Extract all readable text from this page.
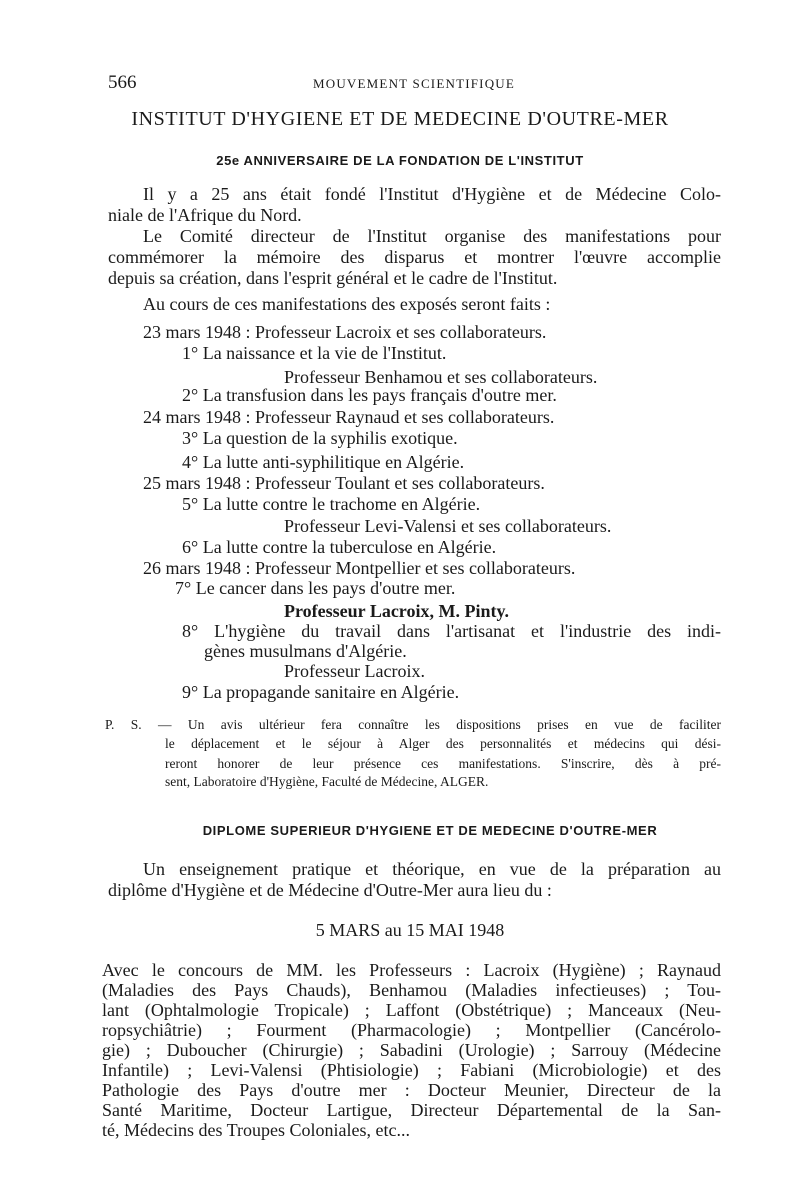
566	MOUVEMENT SCIENTIFIQUE
INSTITUT D'HYGIENE ET DE MEDECINE D'OUTRE-MER
25e ANNIVERSAIRE DE LA FONDATION DE L'INSTITUT
Il y a 25 ans était fondé l'Institut d'Hygiène et de Médecine Colo-
niale de l'Afrique du Nord.
Le Comité directeur de l'Institut organise des manifestations pour
commémorer la mémoire des disparus et montrer l'œuvre accomplie
depuis sa création, dans l'esprit général et le cadre de l'Institut.
Au cours de ces manifestations des exposés seront faits :
23 mars 1948 : Professeur Lacroix et ses collaborateurs.
1° La naissance et la vie de l'Institut.
Professeur Benhamou et ses collaborateurs.
2° La transfusion dans les pays français d'outre mer.
24 mars 1948 : Professeur Raynaud et ses collaborateurs.
3° La question de la syphilis exotique.
4° La lutte anti-syphilitique en Algérie.
25 mars 1948 : Professeur Toulant et ses collaborateurs.
5° La lutte contre le trachome en Algérie.
Professeur Levi-Valensi et ses collaborateurs.
6° La lutte contre la tuberculose en Algérie.
26 mars 1948 : Professeur Montpellier et ses collaborateurs.
7° Le cancer dans les pays d'outre mer.
Professeur Lacroix, M. Pinty.
8° L'hygiène du travail dans l'artisanat et l'industrie des indi-
gènes musulmans d'Algérie.
Professeur Lacroix.
9° La propagande sanitaire en Algérie.
P. S. — Un avis ultérieur fera connaître les dispositions prises en vue de faciliter
le déplacement et le séjour à Alger des personnalités et médecins qui dési-
reront honorer de leur présence ces manifestations. S'inscrire, dès à pré-
sent, Laboratoire d'Hygiène, Faculté de Médecine, ALGER.
DIPLOME SUPERIEUR D'HYGIENE ET DE MEDECINE D'OUTRE-MER
Un enseignement pratique et théorique, en vue de la préparation au
diplôme d'Hygiène et de Médecine d'Outre-Mer aura lieu du :
5 MARS au 15 MAI 1948
Avec le concours de MM. les Professeurs : Lacroix (Hygiène) ; Raynaud
(Maladies des Pays Chauds), Benhamou (Maladies infectieuses) ; Tou-
lant (Ophtalmologie Tropicale) ; Laffont (Obstétrique) ; Manceaux (Neu-
ropsychiâtrie) ; Fourment (Pharmacologie) ; Montpellier (Cancérolo-
gie) ; Duboucher (Chirurgie) ; Sabadini (Urologie) ; Sarrouy (Médecine
Infantile) ; Levi-Valensi (Phtisiologie) ; Fabiani (Microbiologie) et des
Pathologie des Pays d'outre mer : Docteur Meunier, Directeur de la
Santé Maritime, Docteur Lartigue, Directeur Départemental de la San-
té, Médecins des Troupes Coloniales, etc...
